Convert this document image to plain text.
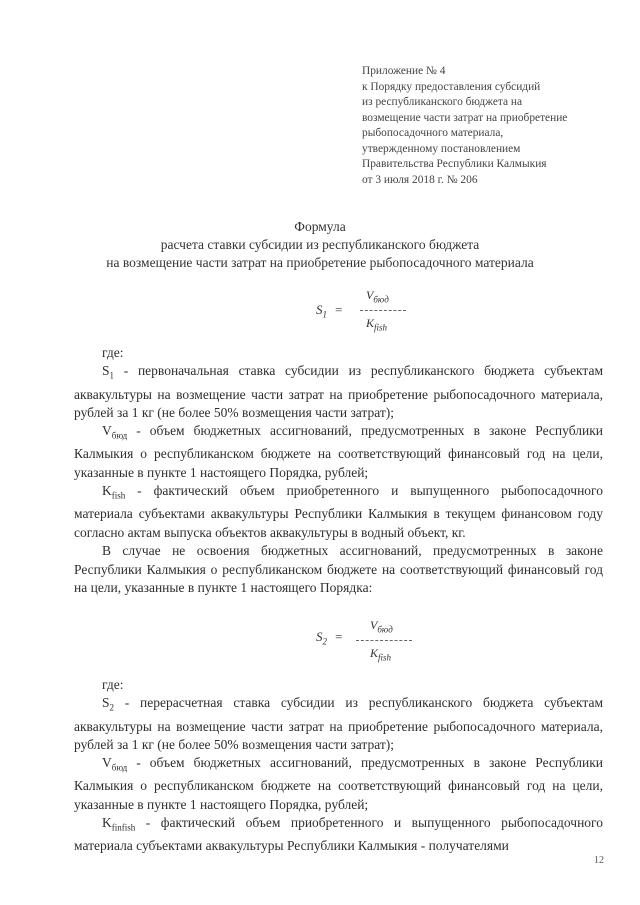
Приложение № 4
к Порядку предоставления субсидий
из республиканского бюджета на
возмещение части затрат на приобретение
рыбопосадочного материала,
утвержденному постановлением
Правительства Республики Калмыкия
от 3 июля 2018 г. № 206
Формула
расчета ставки субсидии из республиканского бюджета
на возмещение части затрат на приобретение рыбопосадочного материала
$S_1$ =
$V_{бюд}$
$K_{fish}$

где:

$S_1$ - первоначальная ставка субсидии из республиканского бюджета субъектам аквакультуры на возмещение части затрат на приобретение рыбопосадочного материала, рублей за 1 кг (не более 50% возмещения части затрат);

$V_{бюд}$ - объем бюджетных ассигнований, предусмотренных в законе Республики Калмыкия о республиканском бюджете на соответствующий финансовый год на цели, указанные в пункте 1 настоящего Порядка, рублей;

$K_{fish}$ - фактический объем приобретенного и выпущенного рыбопосадочного материала субъектами аквакультуры Республики Калмыкия в текущем финансовом году согласно актам выпуска объектов аквакультуры в водный объект, кг.

В случае не освоения бюджетных ассигнований, предусмотренных в законе Республики Калмыкия о республиканском бюджете на соответствующий финансовый год на цели, указанные в пункте 1 настоящего Порядка:

$S_2$ =
$V_{бюд}$
$K_{fish}$

где:

$S_2$ - перерасчетная ставка субсидии из республиканского бюджета субъектам аквакультуры на возмещение части затрат на приобретение рыбопосадочного материала, рублей за 1 кг (не более 50% возмещения части затрат);

$V_{бюд}$ - объем бюджетных ассигнований, предусмотренных в законе Республики Калмыкия о республиканском бюджете на соответствующий финансовый год на цели, указанные в пункте 1 настоящего Порядка, рублей;

$K_{finfish}$ - фактический объем приобретенного и выпущенного рыбопосадочного материала субъектами аквакультуры Республики Калмыкия - получателями

12
